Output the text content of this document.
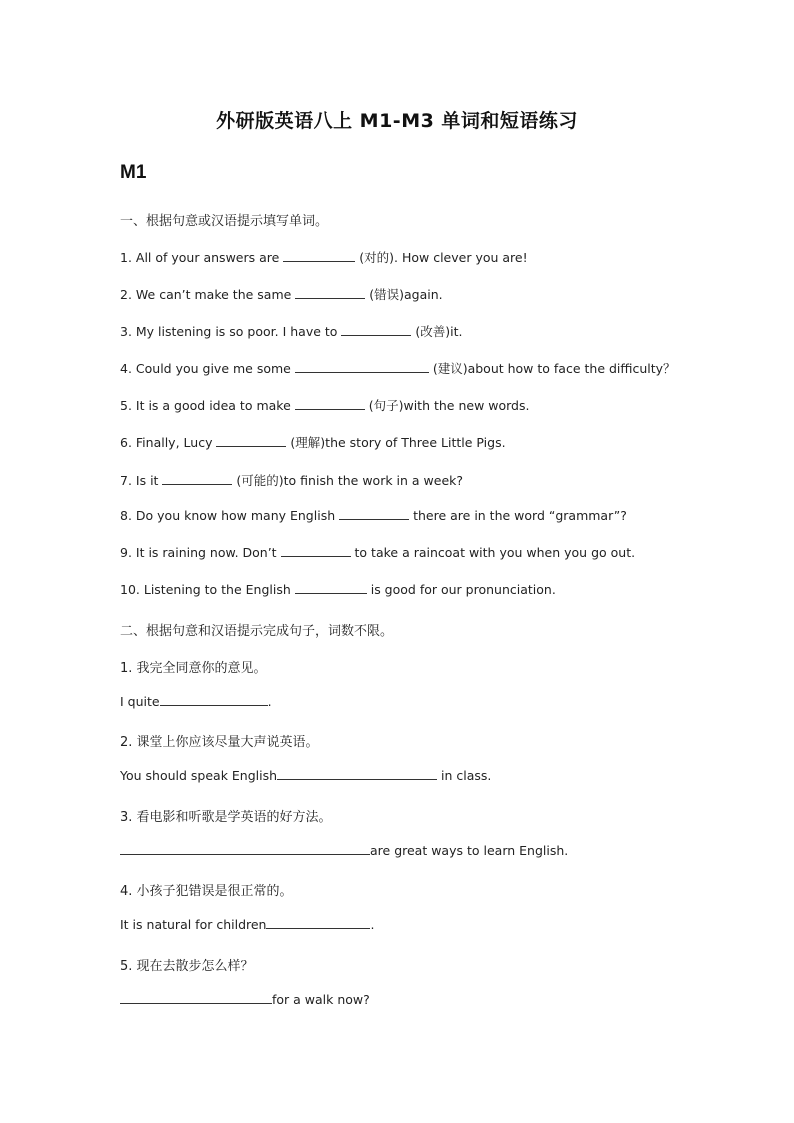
外研版英语八上 M1-M3 单词和短语练习
M1
一、根据句意或汉语提示填写单词。
1. All of your answers are	(对的). How clever you are!
2. We can’t make the same	(错误)again.
3. My listening is so poor. I have to	(改善)it.
4. Could you give me some	(建议)about how to face the difficulty？
5. It is a good idea to make	(句子)with the new words.
6. Finally, Lucy	(理解)the story of Three Little Pigs.
7. Is it	(可能的)to finish the work in a week?
8. Do you know how many English	there are in the word “grammar”?
9. It is raining now. Don’t	to take a raincoat with you when you go out.
10. Listening to the English	is good for our pronunciation.
二、根据句意和汉语提示完成句子，词数不限。
1. 我完全同意你的意见。
I quite	.
2. 课堂上你应该尽量大声说英语。
You should speak English	in class.
3. 看电影和听歌是学英语的好方法。
are great ways to learn English.
4. 小孩子犯错误是很正常的。
It is natural for children	.
5. 现在去散步怎么样？
for a walk now?
